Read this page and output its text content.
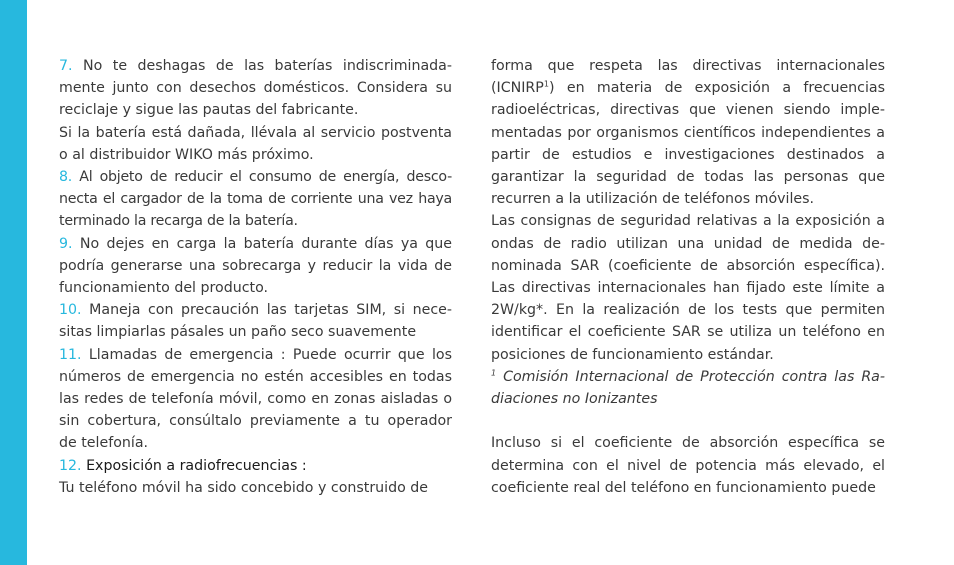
7. No te deshagas de las baterías indiscriminada-mente junto con desechos domésticos. Considera su reciclaje y sigue las pautas del fabricante.

Si la batería está dañada, llévala al servicio postventa o al distribuidor WIKO más próximo.

8. Al objeto de reducir el consumo de energía, desco-necta el cargador de la toma de corriente una vez haya terminado la recarga de la batería.

9. No dejes en carga la batería durante días ya que podría generarse una sobrecarga y reducir la vida de funcionamiento del producto.

10. Maneja con precaución las tarjetas SIM, si nece-sitas limpiarlas pásales un paño seco suavemente

11. Llamadas de emergencia : Puede ocurrir que los números de emergencia no estén accesibles en todas las redes de telefonía móvil, como en zonas aisladas o sin cobertura, consúltalo previamente a tu operador de telefonía.

12. Exposición a radiofrecuencias :

Tu teléfono móvil ha sido concebido y construido de

forma que respeta las directivas internacionales (ICNIRP$^1$) en materia de exposición a frecuencias radioeléctricas, directivas que vienen siendo imple-mentadas por organismos científicos independientes a partir de estudios e investigaciones destinados a garantizar la seguridad de todas las personas que recurren a la utilización de teléfonos móviles.

Las consignas de seguridad relativas a la exposición a ondas de radio utilizan una unidad de medida de-nominada SAR (coeficiente de absorción específica). Las directivas internacionales han fijado este límite a 2W/kg*. En la realización de los tests que permiten identificar el coeficiente SAR se utiliza un teléfono en posiciones de funcionamiento estándar.

$^1$ Comisión Internacional de Protección contra las Ra-diaciones no Ionizantes

Incluso si el coeficiente de absorción específica se determina con el nivel de potencia más elevado, el coeficiente real del teléfono en funcionamiento puede
